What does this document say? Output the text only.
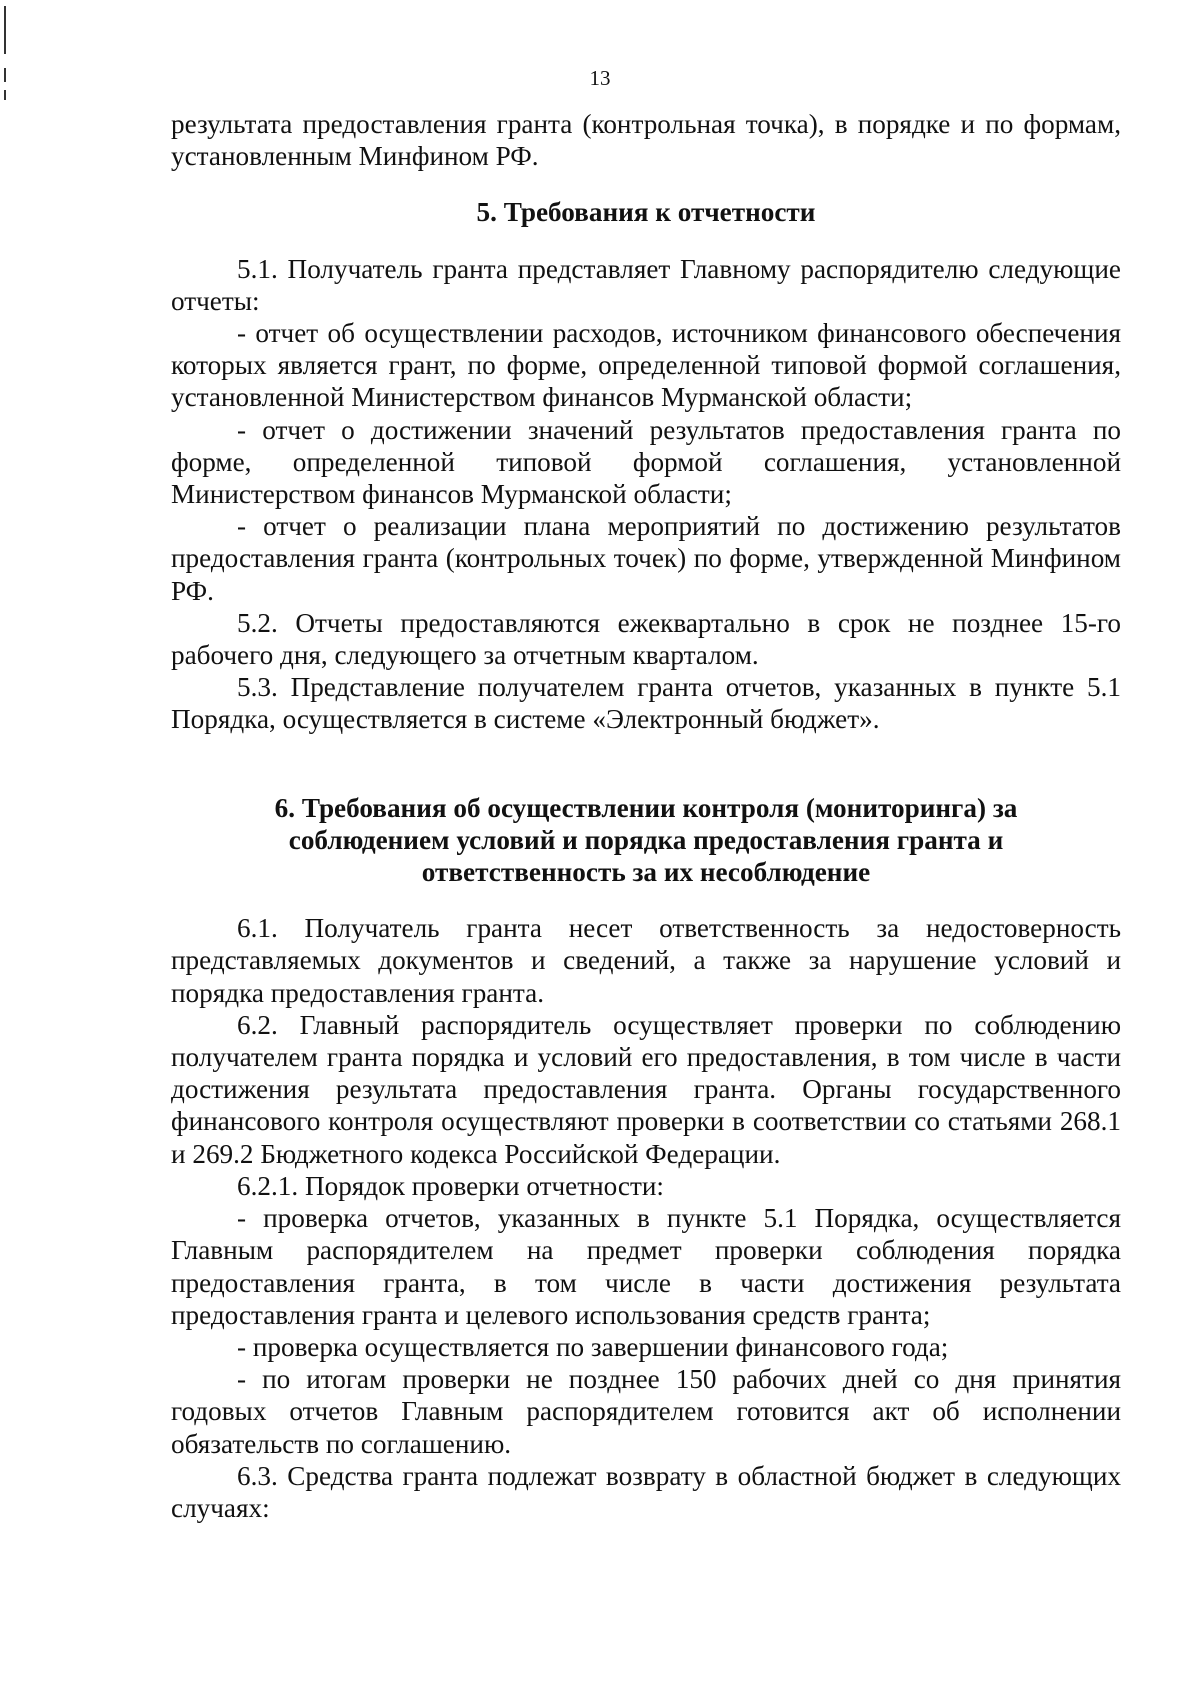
13

результата предоставления гранта (контрольная точка), в порядке и по формам, установленным Минфином РФ.

5. Требования к отчетности

5.1. Получатель гранта представляет Главному распорядителю следующие отчеты:

- отчет об осуществлении расходов, источником финансового обеспечения которых является грант, по форме, определенной типовой формой соглашения, установленной Министерством финансов Мурманской области;

- отчет о достижении значений результатов предоставления гранта по форме, определенной типовой формой соглашения, установленной Министерством финансов Мурманской области;

- отчет о реализации плана мероприятий по достижению результатов предоставления гранта (контрольных точек) по форме, утвержденной Минфином РФ.

5.2. Отчеты предоставляются ежеквартально в срок не позднее 15-го рабочего дня, следующего за отчетным кварталом.

5.3. Представление получателем гранта отчетов, указанных в пункте 5.1 Порядка, осуществляется в системе «Электронный бюджет».

6. Требования об осуществлении контроля (мониторинга) за

соблюдением условий и порядка предоставления гранта и

ответственность за их несоблюдение

6.1. Получатель гранта несет ответственность за недостоверность представляемых документов и сведений, а также за нарушение условий и порядка предоставления гранта.

6.2. Главный распорядитель осуществляет проверки по соблюдению получателем гранта порядка и условий его предоставления, в том числе в части достижения результата предоставления гранта. Органы государственного финансового контроля осуществляют проверки в соответствии со статьями 268.1 и 269.2 Бюджетного кодекса Российской Федерации.

6.2.1. Порядок проверки отчетности:

- проверка отчетов, указанных в пункте 5.1 Порядка, осуществляется Главным распорядителем на предмет проверки соблюдения порядка предоставления гранта, в том числе в части достижения результата предоставления гранта и целевого использования средств гранта;

- проверка осуществляется по завершении финансового года;

- по итогам проверки не позднее 150 рабочих дней со дня принятия годовых отчетов Главным распорядителем готовится акт об исполнении обязательств по соглашению.

6.3. Средства гранта подлежат возврату в областной бюджет в следующих случаях:
